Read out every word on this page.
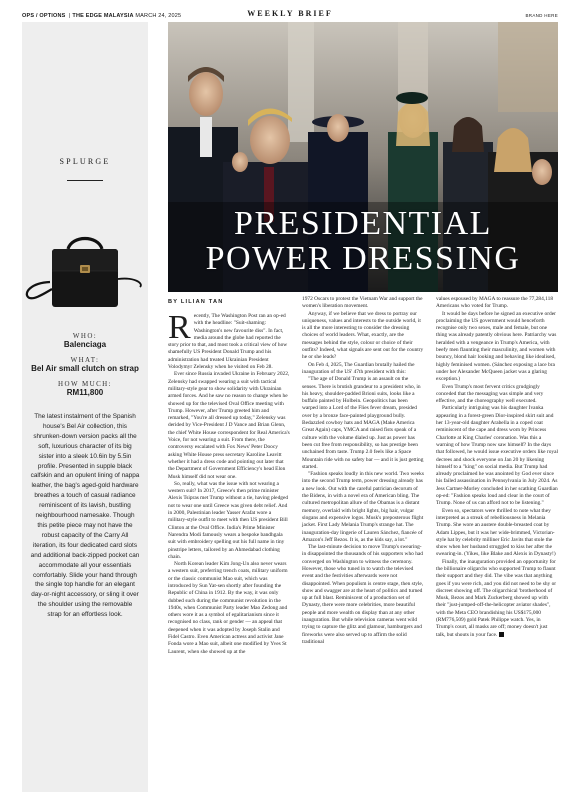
OPS / OPTIONS  | THE EDGE MALAYSIA MARCH 24, 2025	WEEKLY BRIEF	BRAND HERE
SPLURGE
WHO:
Balenciaga
WHAT:
Bel Air small clutch on strap
HOW MUCH:
RM11,800
The latest instalment of the Spanish house's Bel Air collection, this shrunken-down version packs all the soft, luxurious character of its big sister into a sleek 10.6in by 5.5in profile. Presented in supple black calfskin and an opulent lining of nappa leather, the bag's aged-gold hardware breathes a touch of casual radiance reminiscent of its lavish, bustling neighbourhood namesake. Though this petite piece may not have the robust capacity of the Carry All iteration, its four dedicated card slots and additional back-zipped pocket can accommodate all your essentials comfortably. Slide your hand through the single top handle for an elegant day-or-night accessory, or sling it over the shoulder using the removable strap for an effortless look.
PRESIDENTIAL
POWER DRESSING
BY LILIAN TAN
R ecently, The Washington Post ran an op-ed with the headline: "Suit-shaming: Washington's new favourite diss". In fact, media around the globe had reported the story prior to that, and most took a critical view of how shamefully US President Donald Trump and his administration had treated Ukrainian President Volodymyr Zelensky when he visited on Feb 28.

Ever since Russia invaded Ukraine in February 2022, Zelensky had swapped wearing a suit with tactical military-style gear to show solidarity with Ukrainian armed forces. And he saw no reason to change when he showed up for the televised Oval Office meeting with Trump. However, after Trump greeted him and remarked, "You're all dressed up today," Zelensky was derided by Vice-President J D Vance and Brian Glenn, the chief White House correspondent for Real America's Voice, for not wearing a suit. From there, the controversy escalated with Fox News' Peter Doocy asking White House press secretary Karoline Leavitt whether it had a dress code and pointing out later that the Department of Government Efficiency's head Elon Musk himself did not wear one.

So, really, what was the issue with not wearing a western suit? In 2017, Greece's then prime minister Alexis Tsipras met Trump without a tie, having pledged not to wear one until Greece was given debt relief. And in 2000, Palestinian leader Yasser Arafat wore a military-style outfit to meet with then US president Bill Clinton at the Oval Office. India's Prime Minister Narendra Modi famously wears a bespoke bandhgala suit with embroidery spelling out his full name in tiny pinstripe letters, tailored by an Ahmedabad clothing chain.

North Korean leader Kim Jong-Un also never wears a western suit, preferring trench coats, military uniform or the classic communist Mao suit, which was introduced by Sun Yat-sen shortly after founding the Republic of China in 1912. By the way, it was only dubbed such during the communist revolution in the 1940s, when Communist Party leader Mao Zedong and others wore it as a symbol of egalitarianism since it recognised no class, rank or gender — an appeal that deepened when it was adopted by Joseph Stalin and Fidel Castro. Even American actress and activist Jane Fonda wore a Mao suit, albeit one modified by Yves St Laurent, when she showed up at the

1972 Oscars to protest the Vietnam War and support the women's liberation movement.

Anyway, if we believe that we dress to portray our uniqueness, values and interests to the outside world, it is all the more interesting to consider the dressing choices of world leaders. What, exactly, are the messages behind the style, colour or choice of their outfits? Indeed, what signals are sent out for the country he or she leads?

On Feb 4, 2025, The Guardian brutally hailed the inauguration of the US' 47th president with this:

"The age of Donald Trump is an assault on the senses. There is brutish grandeur to a president who, in his heavy, shoulder-padded Brioni suits, looks like a buffalo painted by Holbein. Geopolitics has been warped into a Lord of the Flies fever dream, presided over by a bronze face-painted playground bully. Bedazzled cowboy hats and MAGA (Make America Great Again) caps, YMCA and raised fists speak of a culture with the volume dialed up. Just as power has been cut free from responsibility, so has prestige been unchained from taste. Trump 2.0 feels like a Space Mountain ride with no safety bar — and it is just getting started.

"Fashion speaks loudly in this new world. Two weeks into the second Trump term, power dressing already has a new look. Out with the careful patrician decorum of the Bidens, in with a novel era of American bling. The cultured metropolitan allure of the Obamas is a distant memory, overlaid with bright lights, big hair, vulgar slogans and expensive logos. Musk's preposterous flight jacket. First Lady Melania Trump's strange hat. The inauguration-day lingerie of Lauren Sánchez, fiancée of Amazon's Jeff Bezos. It is, as the kids say, a lot."

The last-minute decision to move Trump's swearing-in disappointed the thousands of his supporters who had converged on Washington to witness the ceremony. However, those who tuned in to watch the televised event and the festivities afterwards were not disappointed. When populism is centre stage, then style, show and swagger are at the heart of politics and turned up at full blast. Reminiscent of a production set of Dynasty, there were more celebrities, more beautiful people and more wealth on display than at any other inauguration. But while television cameras went wild trying to capture the glitz and glamour, hamburgers and fireworks were also served up to affirm the solid traditional

values espoused by MAGA to reassure the 77,284,118 Americans who voted for Trump.

It would be days before he signed an executive order proclaiming the US government would henceforth recognise only two sexes, male and female, but one thing was already patently obvious here. Patriarchy was heralded with a vengeance in Trump's America, with beefy men flaunting their masculinity, and women with bouncy, blond hair looking and behaving like idealised, highly feminised women. (Sánchez exposing a lace bra under her Alexander McQueen jacket was a glaring exception.)

Even Trump's most fervent critics grudgingly conceded that the messaging was simple and very effective, and the choreography well executed.

Particularly intriguing was his daughter Ivanka appearing in a forest-green Dior-inspired skirt suit and her 13-year-old daughter Arabella in a coped coat reminiscent of the cape and dress worn by Princess Charlotte at King Charles' coronation. Was this a warning of how Trump now saw himself? In the days that followed, he would issue executive orders like royal decrees and shock everyone on Jan 20 by likening himself to a "king" on social media. But Trump had already proclaimed he was anointed by God ever since his failed assassination in Pennsylvania in July 2024. As Jess Cartner-Morley concluded in her scathing Guardian op-ed: "Fashion speaks loud and clear in the court of Trump. None of us can afford not to be listening."

Even so, spectators were thrilled to note what they interpreted as a streak of rebelliousness in Melania Trump. She wore an austere double-breasted coat by Adam Lippes, but it was her wide-brimmed, Victorian-style hat by celebrity milliner Eric Javits that stole the show when her husband struggled to kiss her after the swearing-in. (Yikes, like Blake and Alexis in Dynasty!)

Finally, the inauguration provided an opportunity for the billionaire oligarchs who supported Trump to flaunt their support and they did. The vibe was that anything goes if you were rich, and you did not need to be shy or discreet showing off. The oligarchical 'brotherhood of Musk, Bezos and Mark Zuckerberg showed up with their "just-jumped-off-the-helicopter aviator shades", with the Meta CEO brandishing his US$175,000 (RM776,509) gold Patek Philippe watch. Yes, in Trump's court, all masks are off; money doesn't just talk, but shouts in your face.
